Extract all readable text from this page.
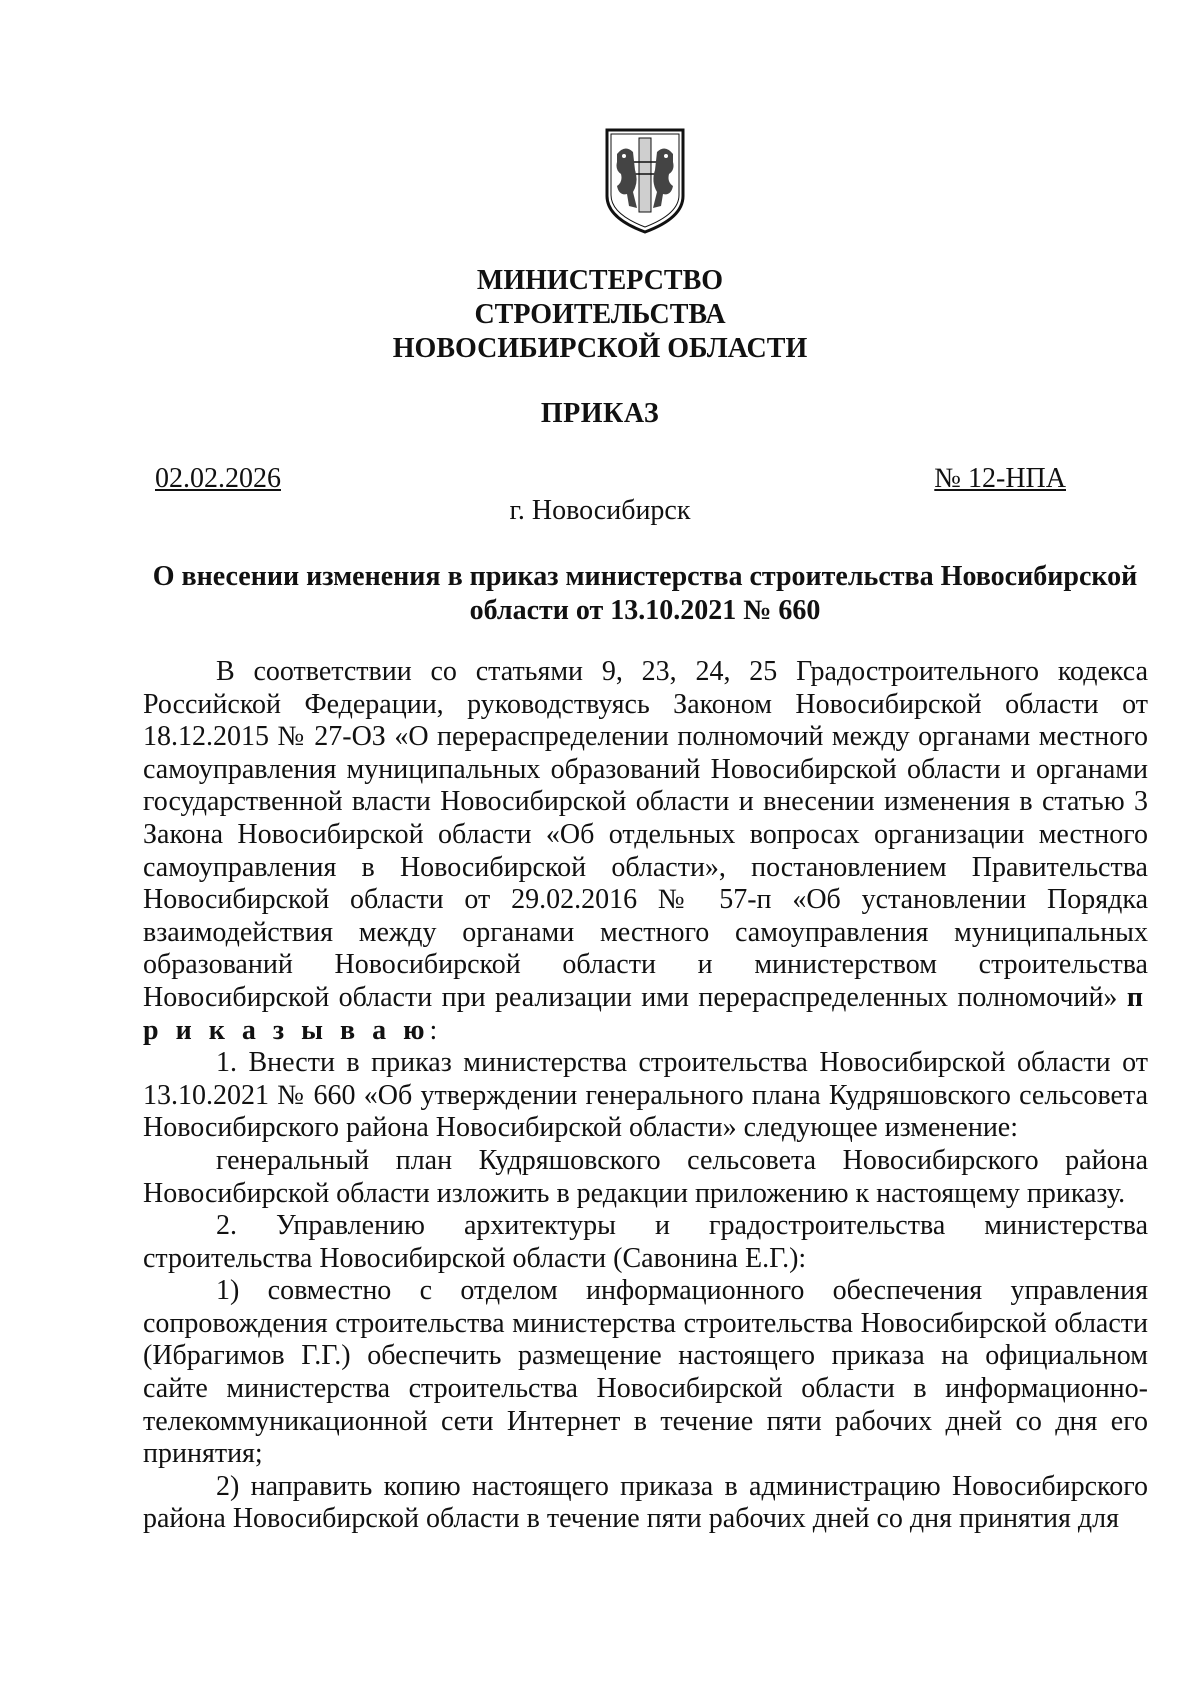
МИНИСТЕРСТВО
СТРОИТЕЛЬСТВА
НОВОСИБИРСКОЙ ОБЛАСТИ
ПРИКАЗ
02.02.2026	№ 12-НПА
г. Новосибирск
О внесении изменения в приказ министерства строительства Новосибирской области от 13.10.2021 № 660

В соответствии со статьями 9, 23, 24, 25 Градостроительного кодекса Российской Федерации, руководствуясь Законом Новосибирской области от 18.12.2015 № 27-ОЗ «О перераспределении полномочий между органами местного самоуправления муниципальных образований Новосибирской области и органами государственной власти Новосибирской области и внесении изменения в статью 3 Закона Новосибирской области «Об отдельных вопросах организации местного самоуправления в Новосибирской области», постановлением Правительства Новосибирской области от 29.02.2016 № 57-п «Об установлении Порядка взаимодействия между органами местного самоуправления муниципальных образований Новосибирской области и министерством строительства Новосибирской области при реализации ими перераспределенных полномочий» п р и к а з ы в а ю:

1. Внести в приказ министерства строительства Новосибирской области от 13.10.2021 № 660 «Об утверждении генерального плана Кудряшовского сельсовета Новосибирского района Новосибирской области» следующее изменение:

генеральный план Кудряшовского сельсовета Новосибирского района Новосибирской области изложить в редакции приложению к настоящему приказу.

2. Управлению архитектуры и градостроительства министерства строительства Новосибирской области (Савонина Е.Г.):

1) совместно с отделом информационного обеспечения управления сопровождения строительства министерства строительства Новосибирской области (Ибрагимов Г.Г.) обеспечить размещение настоящего приказа на официальном сайте министерства строительства Новосибирской области в информационно-телекоммуникационной сети Интернет в течение пяти рабочих дней со дня его принятия;

2) направить копию настоящего приказа в администрацию Новосибирского района Новосибирской области в течение пяти рабочих дней со дня принятия для
